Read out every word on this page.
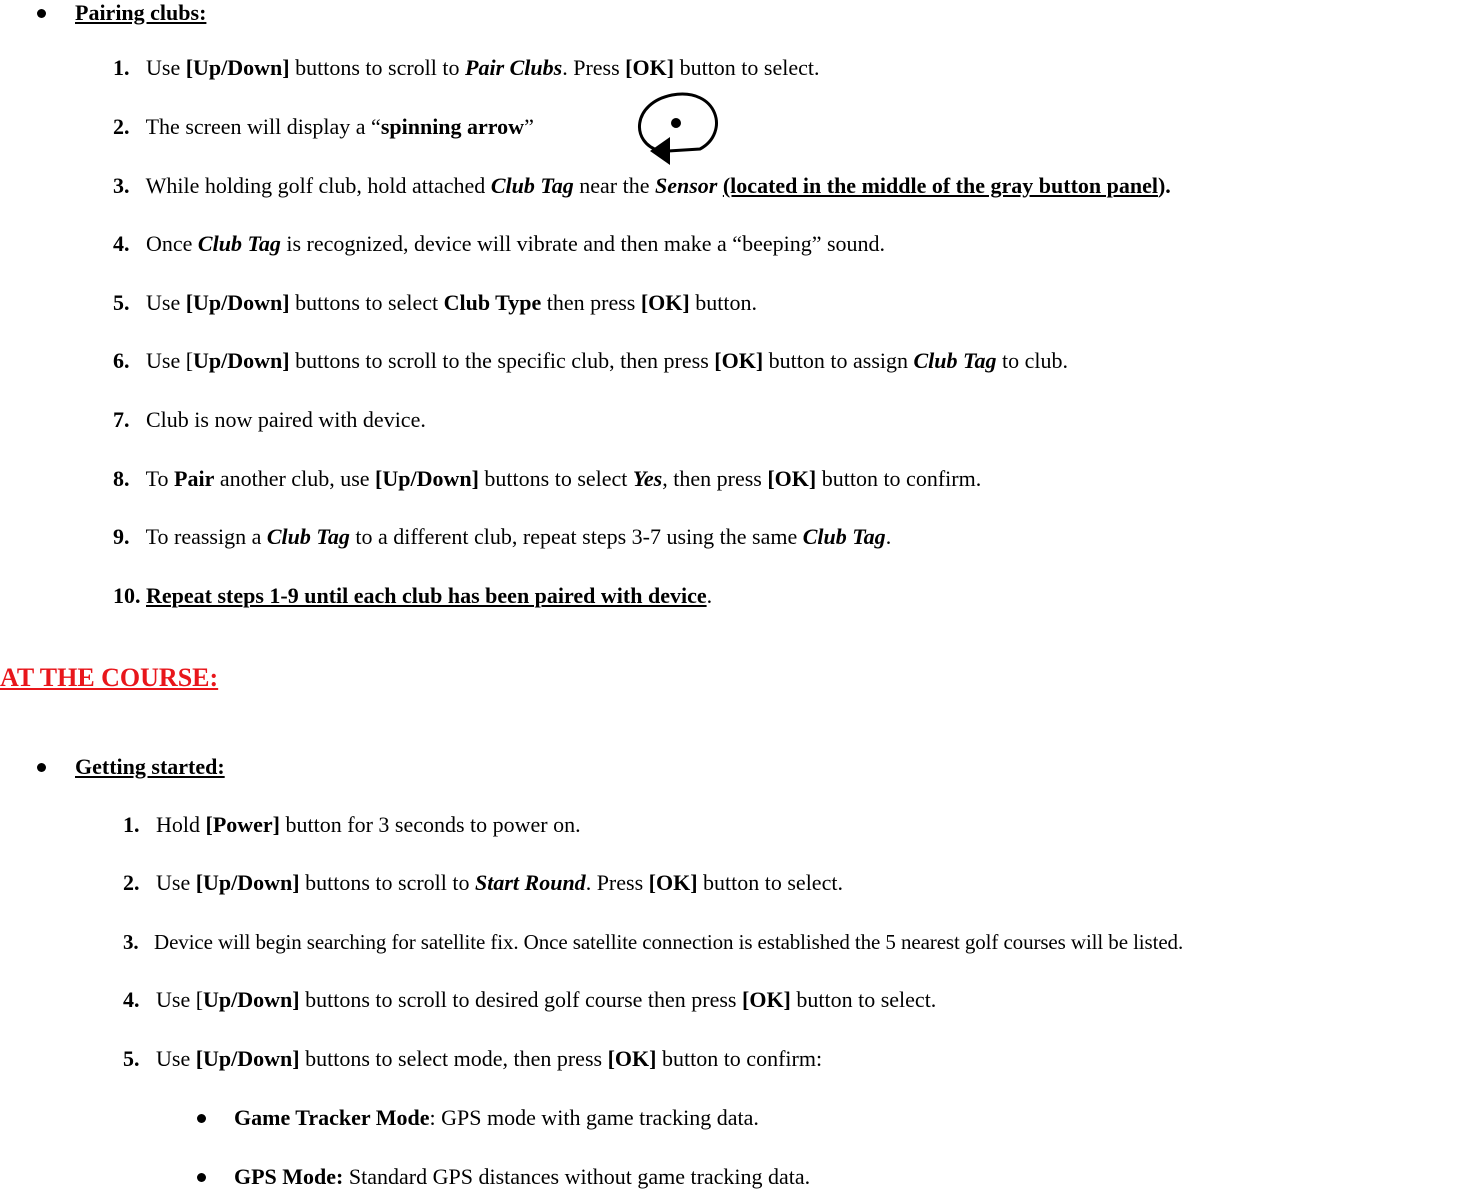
Pairing clubs:
1. Use [Up/Down] buttons to scroll to Pair Clubs. Press [OK] button to select.
2. The screen will display a “spinning arrow”
3. While holding golf club, hold attached Club Tag near the Sensor (located in the middle of the gray button panel).
4. Once Club Tag is recognized, device will vibrate and then make a “beeping” sound.
5. Use [Up/Down] buttons to select Club Type then press [OK] button.
6. Use [Up/Down] buttons to scroll to the specific club, then press [OK] button to assign Club Tag to club.
7. Club is now paired with device.
8. To Pair another club, use [Up/Down] buttons to select Yes, then press [OK] button to confirm.
9. To reassign a Club Tag to a different club, repeat steps 3-7 using the same Club Tag.
10. Repeat steps 1-9 until each club has been paired with device.
AT THE COURSE:
Getting started:
1. Hold [Power] button for 3 seconds to power on.
2. Use [Up/Down] buttons to scroll to Start Round. Press [OK] button to select.
3. Device will begin searching for satellite fix. Once satellite connection is established the 5 nearest golf courses will be listed.
4. Use [Up/Down] buttons to scroll to desired golf course then press [OK] button to select.
5. Use [Up/Down] buttons to select mode, then press [OK] button to confirm:
Game Tracker Mode: GPS mode with game tracking data.
GPS Mode: Standard GPS distances without game tracking data.
